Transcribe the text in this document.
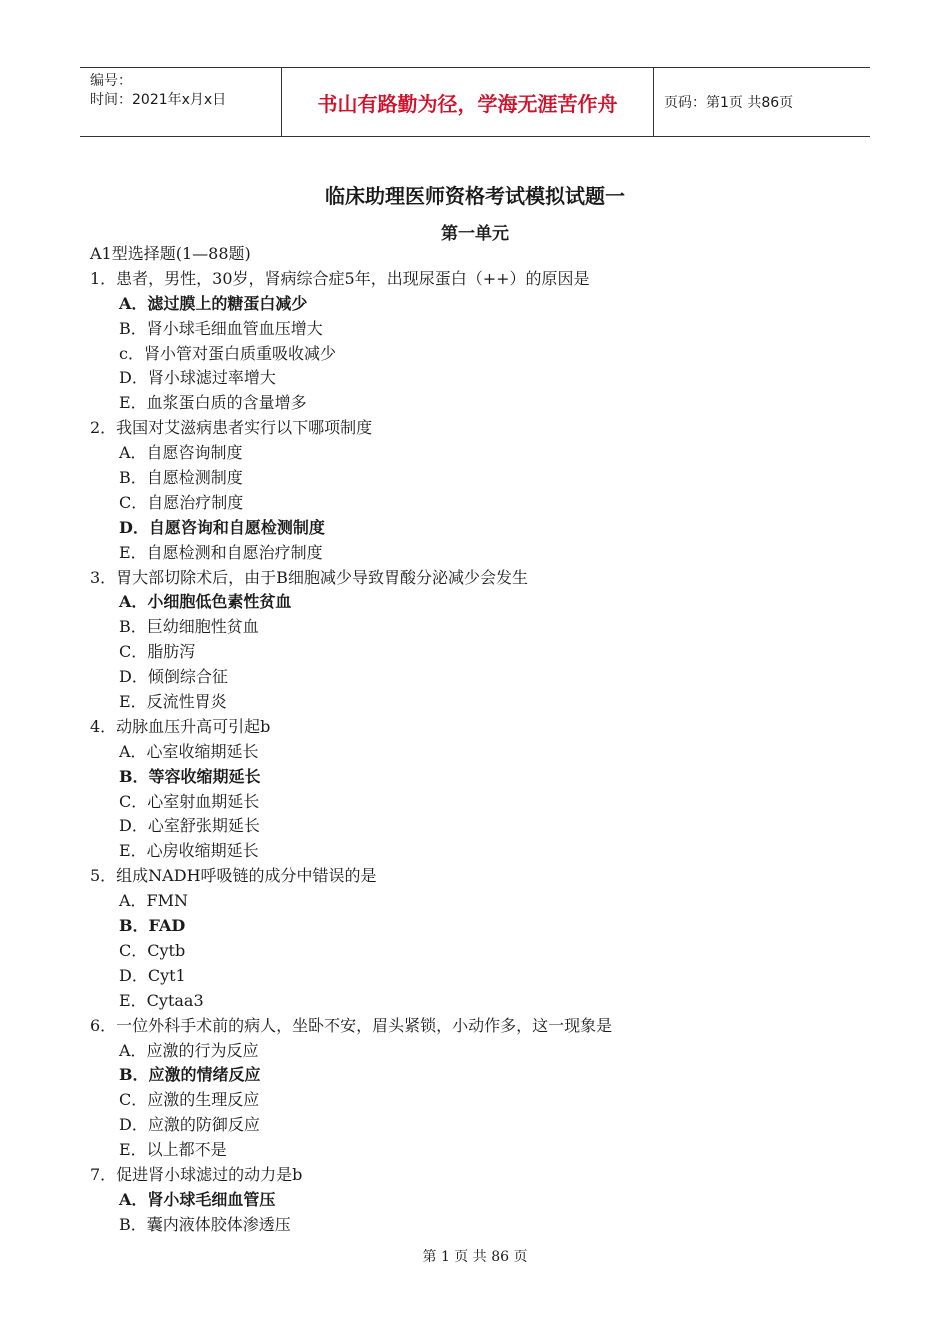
编号：
时间：2021年x月x日	书山有路勤为径，学海无涯苦作舟	页码：第1页 共86页
临床助理医师资格考试模拟试题一
第一单元
A1型选择题(1—88题)
1．患者，男性，30岁，肾病综合症5年，出现尿蛋白（++）的原因是
A．滤过膜上的糖蛋白减少
B．肾小球毛细血管血压增大
c．肾小管对蛋白质重吸收减少
D．肾小球滤过率增大
E．血浆蛋白质的含量增多
2．我国对艾滋病患者实行以下哪项制度
A．自愿咨询制度
B．自愿检测制度
C．自愿治疗制度
D．自愿咨询和自愿检测制度
E．自愿检测和自愿治疗制度
3．胃大部切除术后，由于B细胞减少导致胃酸分泌减少会发生
A．小细胞低色素性贫血
B．巨幼细胞性贫血
C．脂肪泻
D．倾倒综合征
E．反流性胃炎
4．动脉血压升高可引起b
A．心室收缩期延长
B．等容收缩期延长
C．心室射血期延长
D．心室舒张期延长
E．心房收缩期延长
5．组成NADH呼吸链的成分中错误的是
A．FMN
B．FAD
C．Cytb
D．Cyt1
E．Cytaa3
6．一位外科手术前的病人，坐卧不安，眉头紧锁，小动作多，这一现象是
A．应激的行为反应
B．应激的情绪反应
C．应激的生理反应
D．应激的防御反应
E．以上都不是
7．促进肾小球滤过的动力是b
A．肾小球毛细血管压
B．囊内液体胶体渗透压
第 1 页 共 86 页
